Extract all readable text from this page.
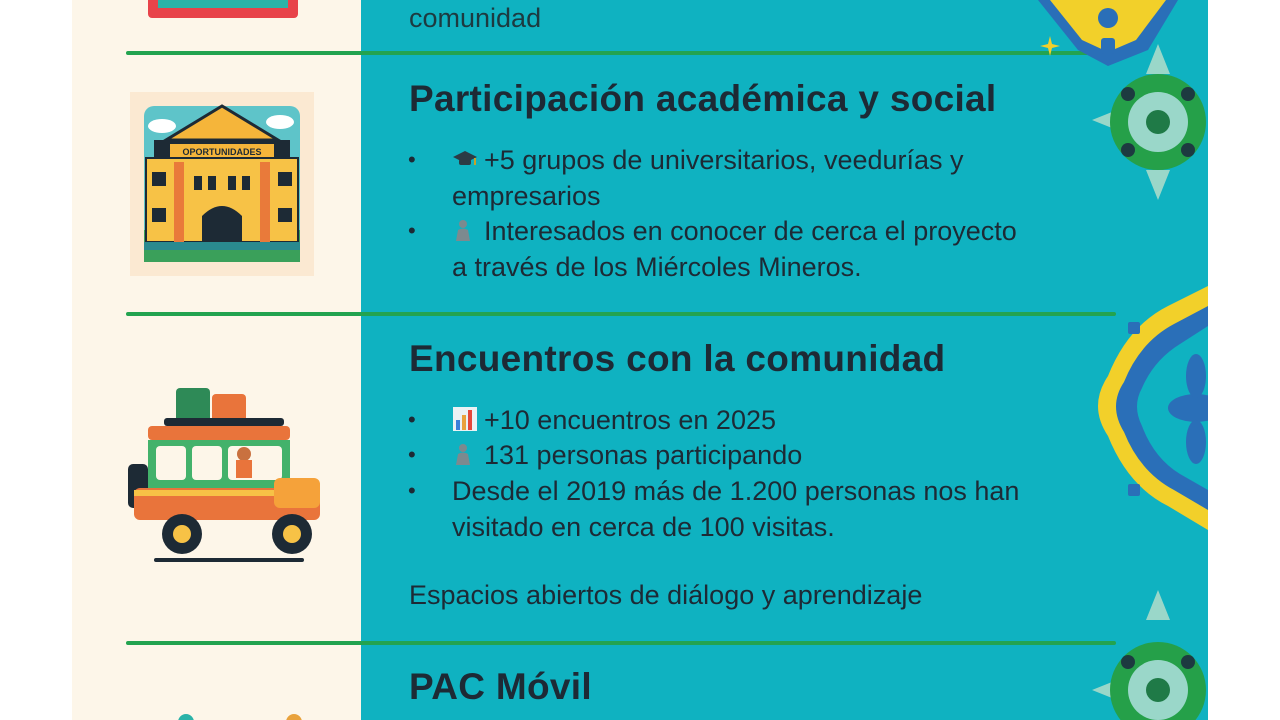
comunidad
Participación académica y social
•	+5 grupos de universitarios, veedurías y
empresarios
•	Interesados en conocer de cerca el proyecto
a través de los Miércoles Mineros.
OPORTUNIDADES
Encuentros con la comunidad
•	+10 encuentros en 2025
•	131 personas participando
• Desde el 2019 más de 1.200 personas nos han
visitado en cerca de 100 visitas.
Espacios abiertos de diálogo y aprendizaje
PAC Móvil
